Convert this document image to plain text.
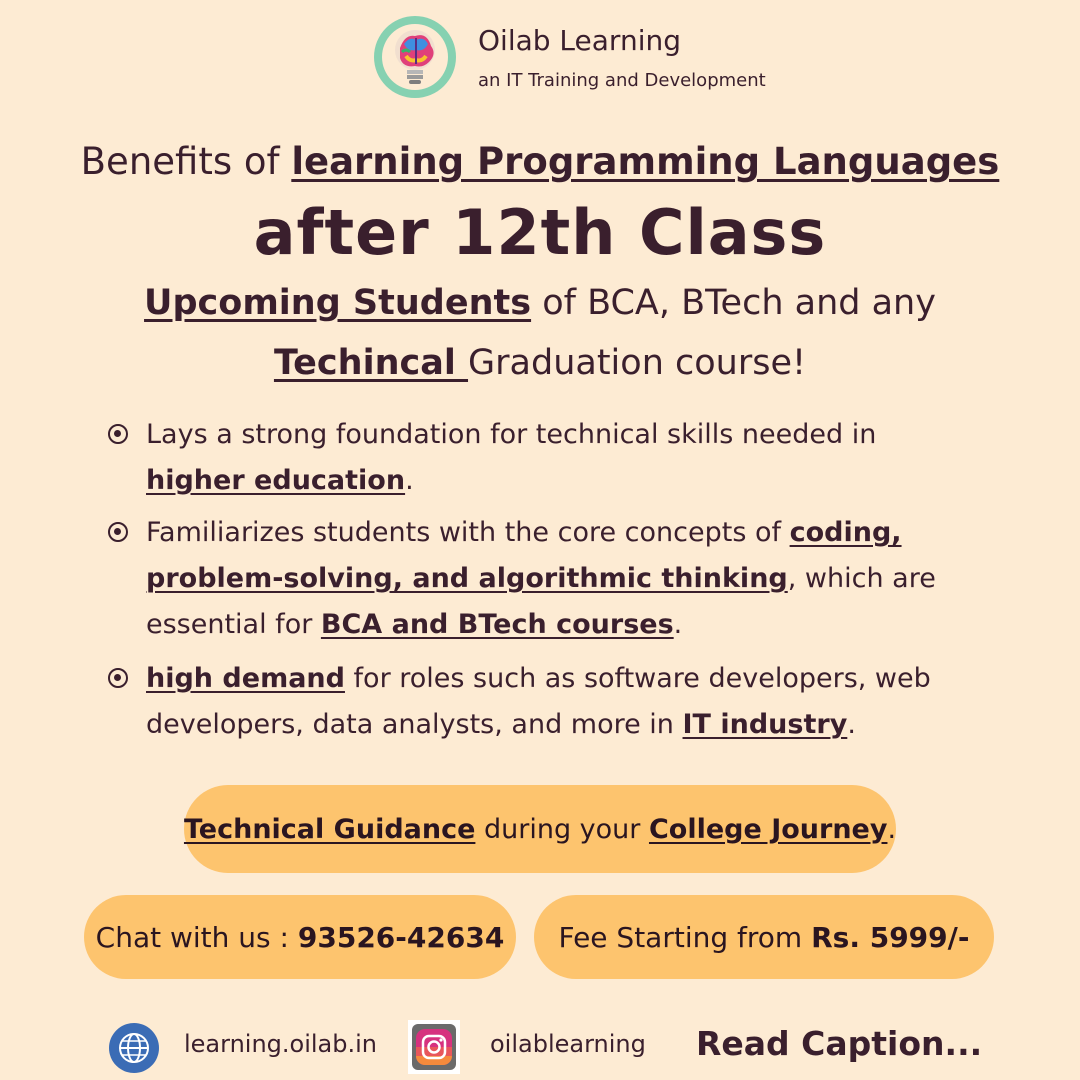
Oilab Learning
an IT Training and Development
Benefits of learning Programming Languages
after 12th Class
Upcoming Students of BCA, BTech and any
Techincal Graduation course!
Lays a strong foundation for technical skills needed in higher education.
Familiarizes students with the core concepts of coding, problem-solving, and algorithmic thinking, which are essential for BCA and BTech courses.
high demand for roles such as software developers, web developers, data analysts, and more in IT industry.
Technical Guidance during your College Journey .
Chat with us : 93526-42634 Fee Starting from Rs. 5999/-
learning.oilab.in	oilablearning Read Caption...
